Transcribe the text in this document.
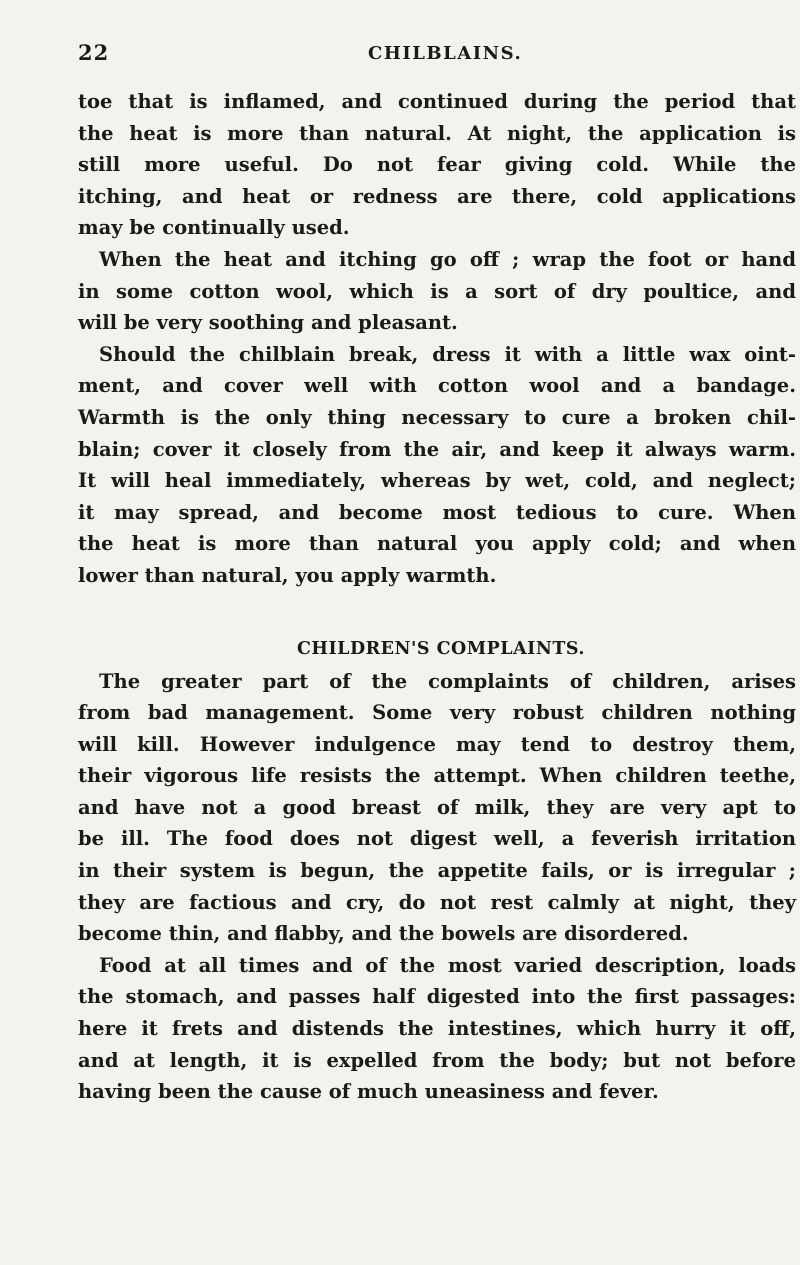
22	CHILBLAINS.
toe that is inflamed, and continued during the period that
the heat is more than natural. At night, the application is
still more useful. Do not fear giving cold. While the
itching, and heat or redness are there, cold applications
may be continually used.
When the heat and itching go off ; wrap the foot or hand
in some cotton wool, which is a sort of dry poultice, and
will be very soothing and pleasant.
Should the chilblain break, dress it with a little wax oint-
ment, and cover well with cotton wool and a bandage.
Warmth is the only thing necessary to cure a broken chil-
blain; cover it closely from the air, and keep it always warm.
It will heal immediately, whereas by wet, cold, and neglect;
it may spread, and become most tedious to cure. When
the heat is more than natural you apply cold; and when
lower than natural, you apply warmth.
CHILDREN'S COMPLAINTS.
The greater part of the complaints of children, arises
from bad management. Some very robust children nothing
will kill. However indulgence may tend to destroy them,
their vigorous life resists the attempt. When children teethe,
and have not a good breast of milk, they are very apt to
be ill. The food does not digest well, a feverish irritation
in their system is begun, the appetite fails, or is irregular ;
they are factious and cry, do not rest calmly at night, they
become thin, and flabby, and the bowels are disordered.
Food at all times and of the most varied description, loads
the stomach, and passes half digested into the first passages:
here it frets and distends the intestines, which hurry it off,
and at length, it is expelled from the body; but not before
having been the cause of much uneasiness and fever.
